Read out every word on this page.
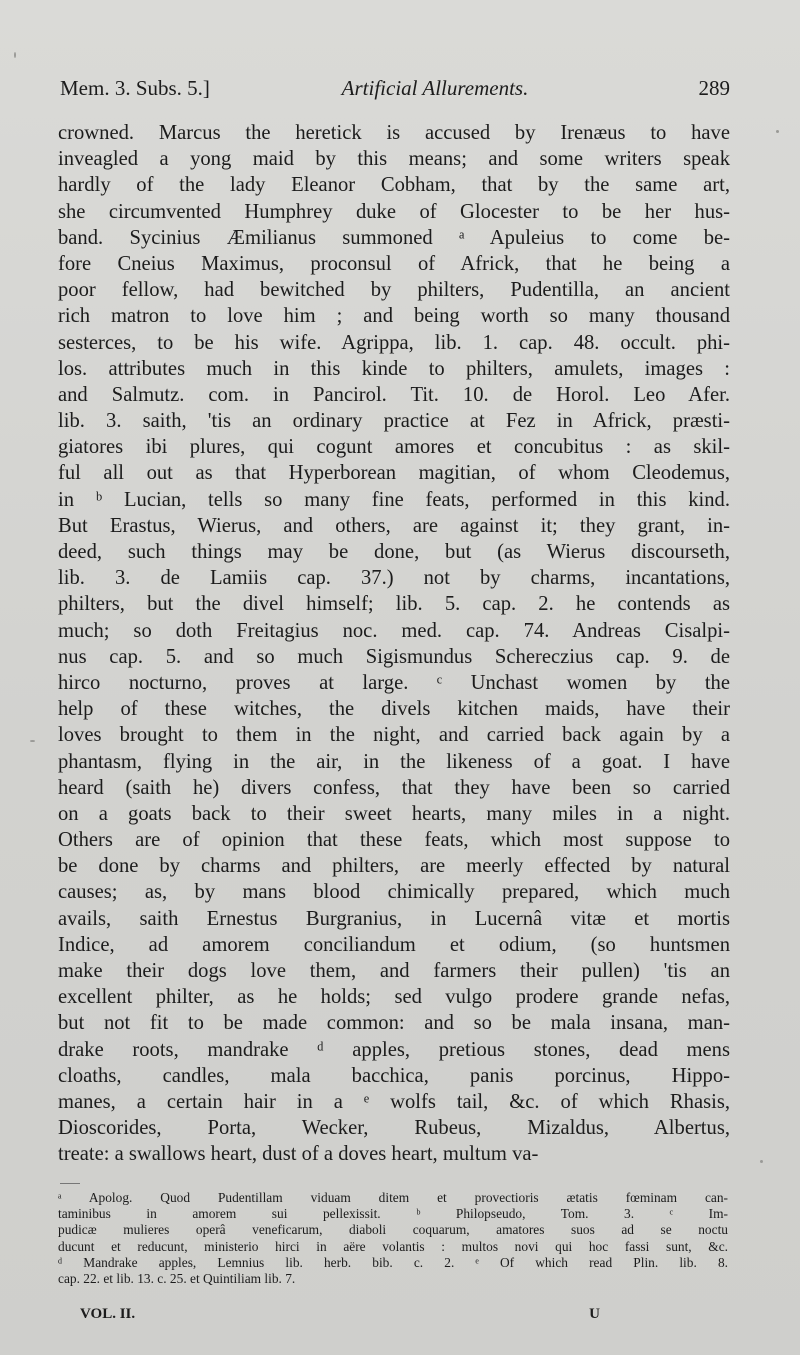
Mem. 3. Subs. 5.]	Artificial Allurements.	289
crowned. Marcus the heretick is accused by Irenæus to have
inveagled a yong maid by this means; and some writers speak
hardly of the lady Eleanor Cobham, that by the same art,
she circumvented Humphrey duke of Glocester to be her hus-
band. Sycinius Æmilianus summoned ᵃ Apuleius to come be-
fore Cneius Maximus, proconsul of Africk, that he being a
poor fellow, had bewitched by philters, Pudentilla, an ancient
rich matron to love him ; and being worth so many thousand
sesterces, to be his wife. Agrippa, lib. 1. cap. 48. occult. phi-
los. attributes much in this kinde to philters, amulets, images :
and Salmutz. com. in Pancirol. Tit. 10. de Horol. Leo Afer.
lib. 3. saith, 'tis an ordinary practice at Fez in Africk, præsti-
giatores ibi plures, qui cogunt amores et concubitus : as skil-
ful all out as that Hyperborean magitian, of whom Cleodemus,
in ᵇ Lucian, tells so many fine feats, performed in this kind.
But Erastus, Wierus, and others, are against it; they grant, in-
deed, such things may be done, but (as Wierus discourseth,
lib. 3. de Lamiis cap. 37.) not by charms, incantations,
philters, but the divel himself; lib. 5. cap. 2. he contends as
much; so doth Freitagius noc. med. cap. 74. Andreas Cisalpi-
nus cap. 5. and so much Sigismundus Schereczius cap. 9. de
hirco nocturno, proves at large. ᶜ Unchast women by the
help of these witches, the divels kitchen maids, have their
loves brought to them in the night, and carried back again by a
phantasm, flying in the air, in the likeness of a goat. I have
heard (saith he) divers confess, that they have been so carried
on a goats back to their sweet hearts, many miles in a night.
Others are of opinion that these feats, which most suppose to
be done by charms and philters, are meerly effected by natural
causes; as, by mans blood chimically prepared, which much
avails, saith Ernestus Burgranius, in Lucernâ vitæ et mortis
Indice, ad amorem conciliandum et odium, (so huntsmen
make their dogs love them, and farmers their pullen) 'tis an
excellent philter, as he holds; sed vulgo prodere grande nefas,
but not fit to be made common: and so be mala insana, man-
drake roots, mandrake ᵈ apples, pretious stones, dead mens
cloaths, candles, mala bacchica, panis porcinus, Hippo-
manes, a certain hair in a ᵉ wolfs tail, &c. of which Rhasis,
Dioscorides, Porta, Wecker, Rubeus, Mizaldus, Albertus,
treate: a swallows heart, dust of a doves heart, multum va-
ᵃ Apolog. Quod Pudentillam viduam ditem et provectioris ætatis fœminam can-
taminibus in amorem sui pellexissit. ᵇ Philopseudo, Tom. 3. ᶜ Im-
pudicæ mulieres operâ veneficarum, diaboli coquarum, amatores suos ad se noctu
ducunt et reducunt, ministerio hirci in aëre volantis : multos novi qui hoc fassi sunt, &c.
ᵈ Mandrake apples, Lemnius lib. herb. bib. c. 2. ᵉ Of which read Plin. lib. 8.
cap. 22. et lib. 13. c. 25. et Quintiliam lib. 7.
VOL. II.	U
